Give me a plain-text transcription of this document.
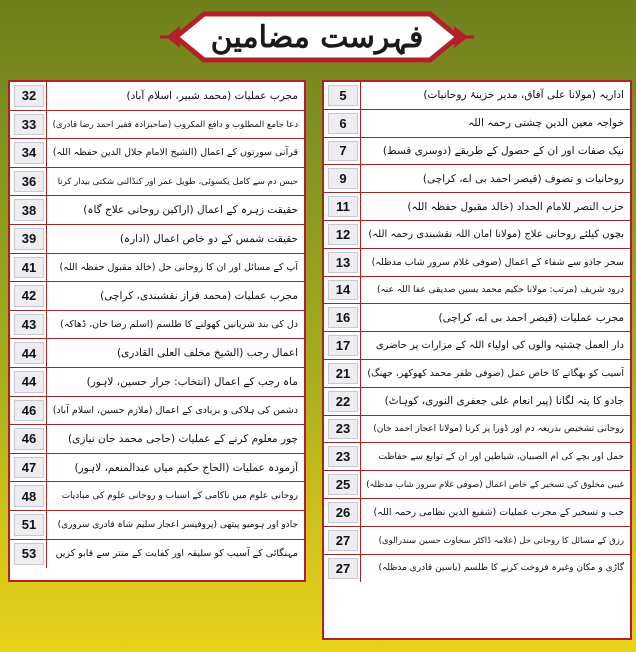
فہرست مضامین
32	مجرب عملیات (محمد شبیر، اسلام آباد)
33	دعا جامع المطلوب و دافع المکروب (صاحبزادہ فقیر احمد رضا قادری)
34	قرآنی سورتوں کے اعمال (الشیخ الامام جلال الدین حفظہ اللہ)
36	حبس دم سے کامل یکسوئی، طویل عمر اور کنڈالنی شکتی بیدار کرنا
38	حقیقت زہرہ کے اعمال (اراکین روحانی علاج گاہ)
39	حقیقت شمس کے دو خاص اعمال (ادارہ)
41	آپ کے مسائل اور ان کا روحانی حل (خالد مقبول حفظہ اللہ)
42	مجرب عملیات (محمد فراز نقشبندی، کراچی)
43	دل کی بند شریانیں کھولنے کا طلسم (اسلم رضا خان، ڈھاکہ)
44	اعمال رجب (الشیخ مخلف العلی القادری)
44	ماہ رجب کے اعمال (انتخاب: جرار حسین، لاہور)
46	دشمن کی ہلاکی و بربادی کے اعمال (ملازم حسین، اسلام آباد)
46	چور معلوم کرنے کے عملیات (حاجی محمد جان نیازی)
47	آزمودہ عملیات (الحاج حکیم میاں عبدالمنعم، لاہور)
48	روحانی علوم میں ناکامی کے اسباب و روحانی علوم کی مبادیات
51	جادو اور ہومیو پیتھی (پروفیسر اعجاز سلیم شاہ قادری سروری)
53	مہنگائی کے آسیب کو سلیقہ اور کفایت کے منتر سے قابو کریں
5	اداریہ (مولانا علی آفاق، مدیر خزینۂ روحانیات)
6	خواجہ معین الدین چشتی رحمہ اللہ
7	نیک صفات اور ان کے حصول کے طریقے (دوسری قسط)
9	روحانیات و تصوف (قیصر احمد بی اے، کراچی)
11	حزب النصر للامام الحداد (خالد مقبول حفظہ اللہ)
12	بچوں کیلئے روحانی علاج (مولانا امان اللہ نقشبندی رحمہ اللہ)
13	سحر جادو سے شفاء کے اعمال (صوفی غلام سرور شاب مدظلہ)
14	درود شریف (مرتب: مولانا حکیم محمد یسین صدیقی عفا اللہ عنہ)
16	مجرب عملیات (قیصر احمد بی اے، کراچی)
17	دار العمل چشتیہ والوں کی اولیاء اللہ کے مزارات پر حاضری
21	آسیب کو بھگانے کا خاص عمل (صوفی ظفر محمد کھوکھر، جھنگ)
22	جادو کا پتہ لگانا (پیر انعام علی جعفری النوری، کوہاٹ)
23	روحانی تشخیص بذریعہ دم اور ڈورا پر کرنا (مولانا اعجاز احمد خان)
23	حمل اور بچے کی ام الصبیان، شیاطین اور ان کے توابع سے حفاظت
25	غیبی مخلوق کی تسخیر کے خاص اعمال (صوفی غلام سرور شاب مدظلہ)
26	حب و تسخیر کے مجرب عملیات (شفیع الدین نظامی رحمہ اللہ)
27	رزق کے مسائل کا روحانی حل (علامہ ڈاکٹر سخاوت حسین سندرالوی)
27	گاڑی و مکان وغیرہ فروخت کرنے کا طلسم (یاسین قادری مدظلہ)
